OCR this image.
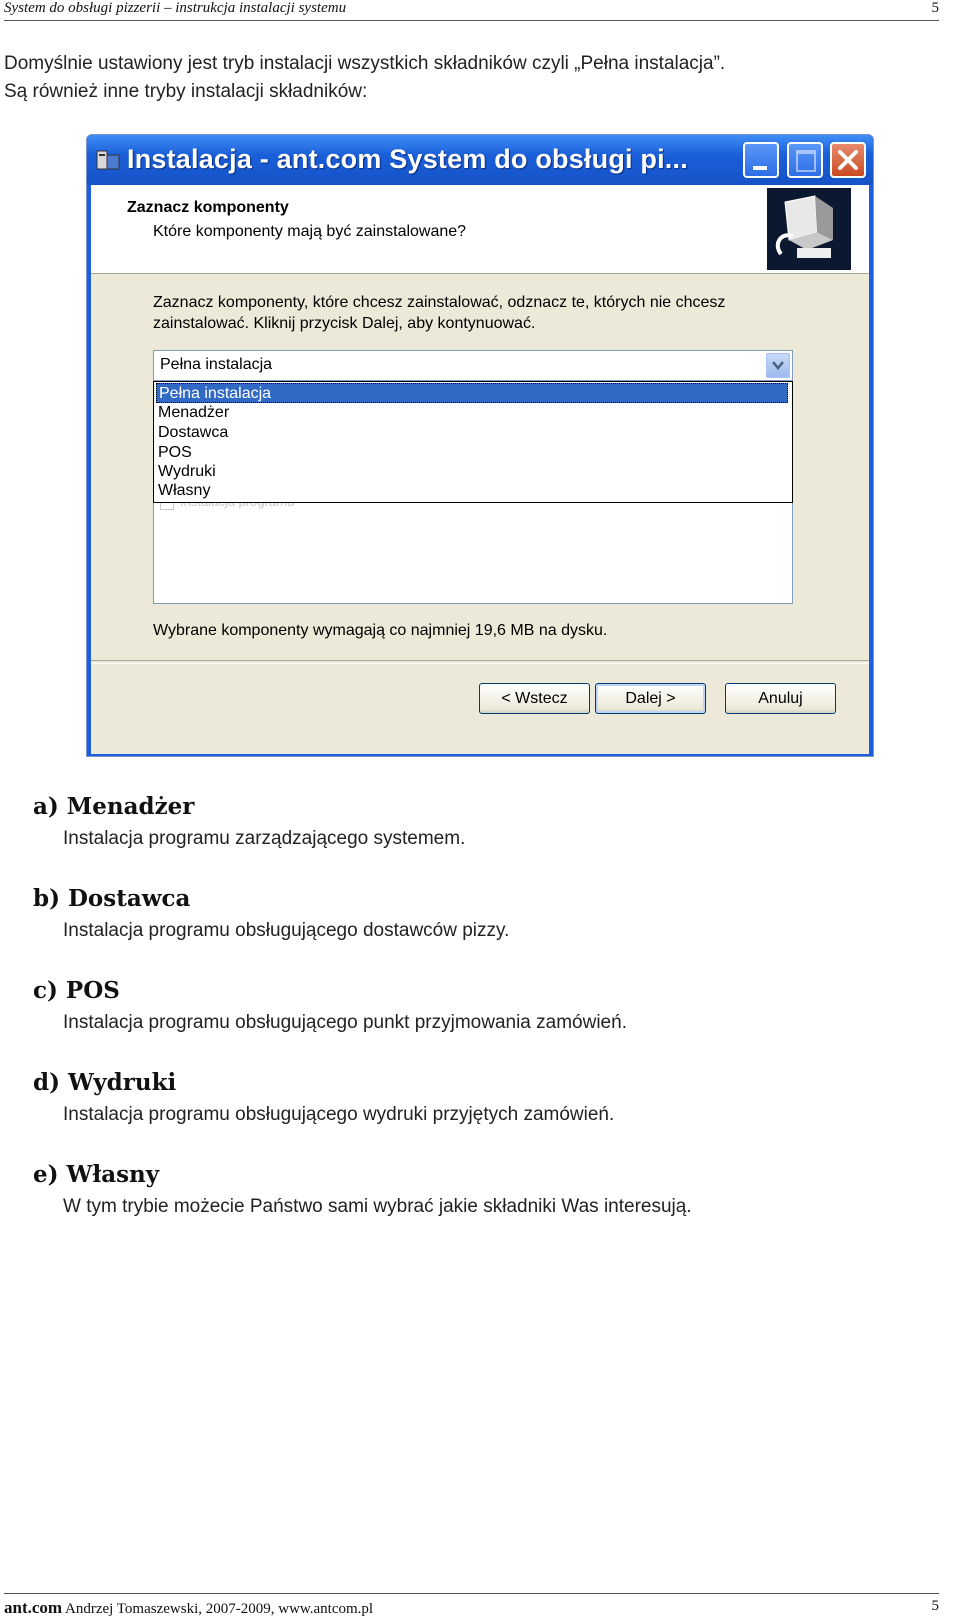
System do obsługi pizzerii – instrukcja instalacji systemu	5
Domyślnie ustawiony jest tryb instalacji wszystkich składników czyli „Pełna instalacja”.
Są również inne tryby instalacji składników:
Instalacja - ant.com System do obsługi pi...
Zaznacz komponenty
Które komponenty mają być zainstalowane?
Zaznacz komponenty, które chcesz zainstalować, odznacz te, których nie chcesz zainstalować. Kliknij przycisk Dalej, aby kontynuować.
Pełna instalacja
Pełna instalacja
Menadżer
Dostawca
POS
Wydruki
Własny
Wybrane komponenty wymagają co najmniej 19,6 MB na dysku.
< Wstecz	Dalej >	Anuluj
a) Menadżer
Instalacja programu zarządzającego systemem.
b) Dostawca
Instalacja programu obsługującego dostawców pizzy.
c) POS
Instalacja programu obsługującego punkt przyjmowania zamówień.
d) Wydruki
Instalacja programu obsługującego wydruki przyjętych zamówień.
e) Własny
W tym trybie możecie Państwo sami wybrać jakie składniki Was interesują.
ant.com Andrzej Tomaszewski, 2007-2009, www.antcom.pl	5
